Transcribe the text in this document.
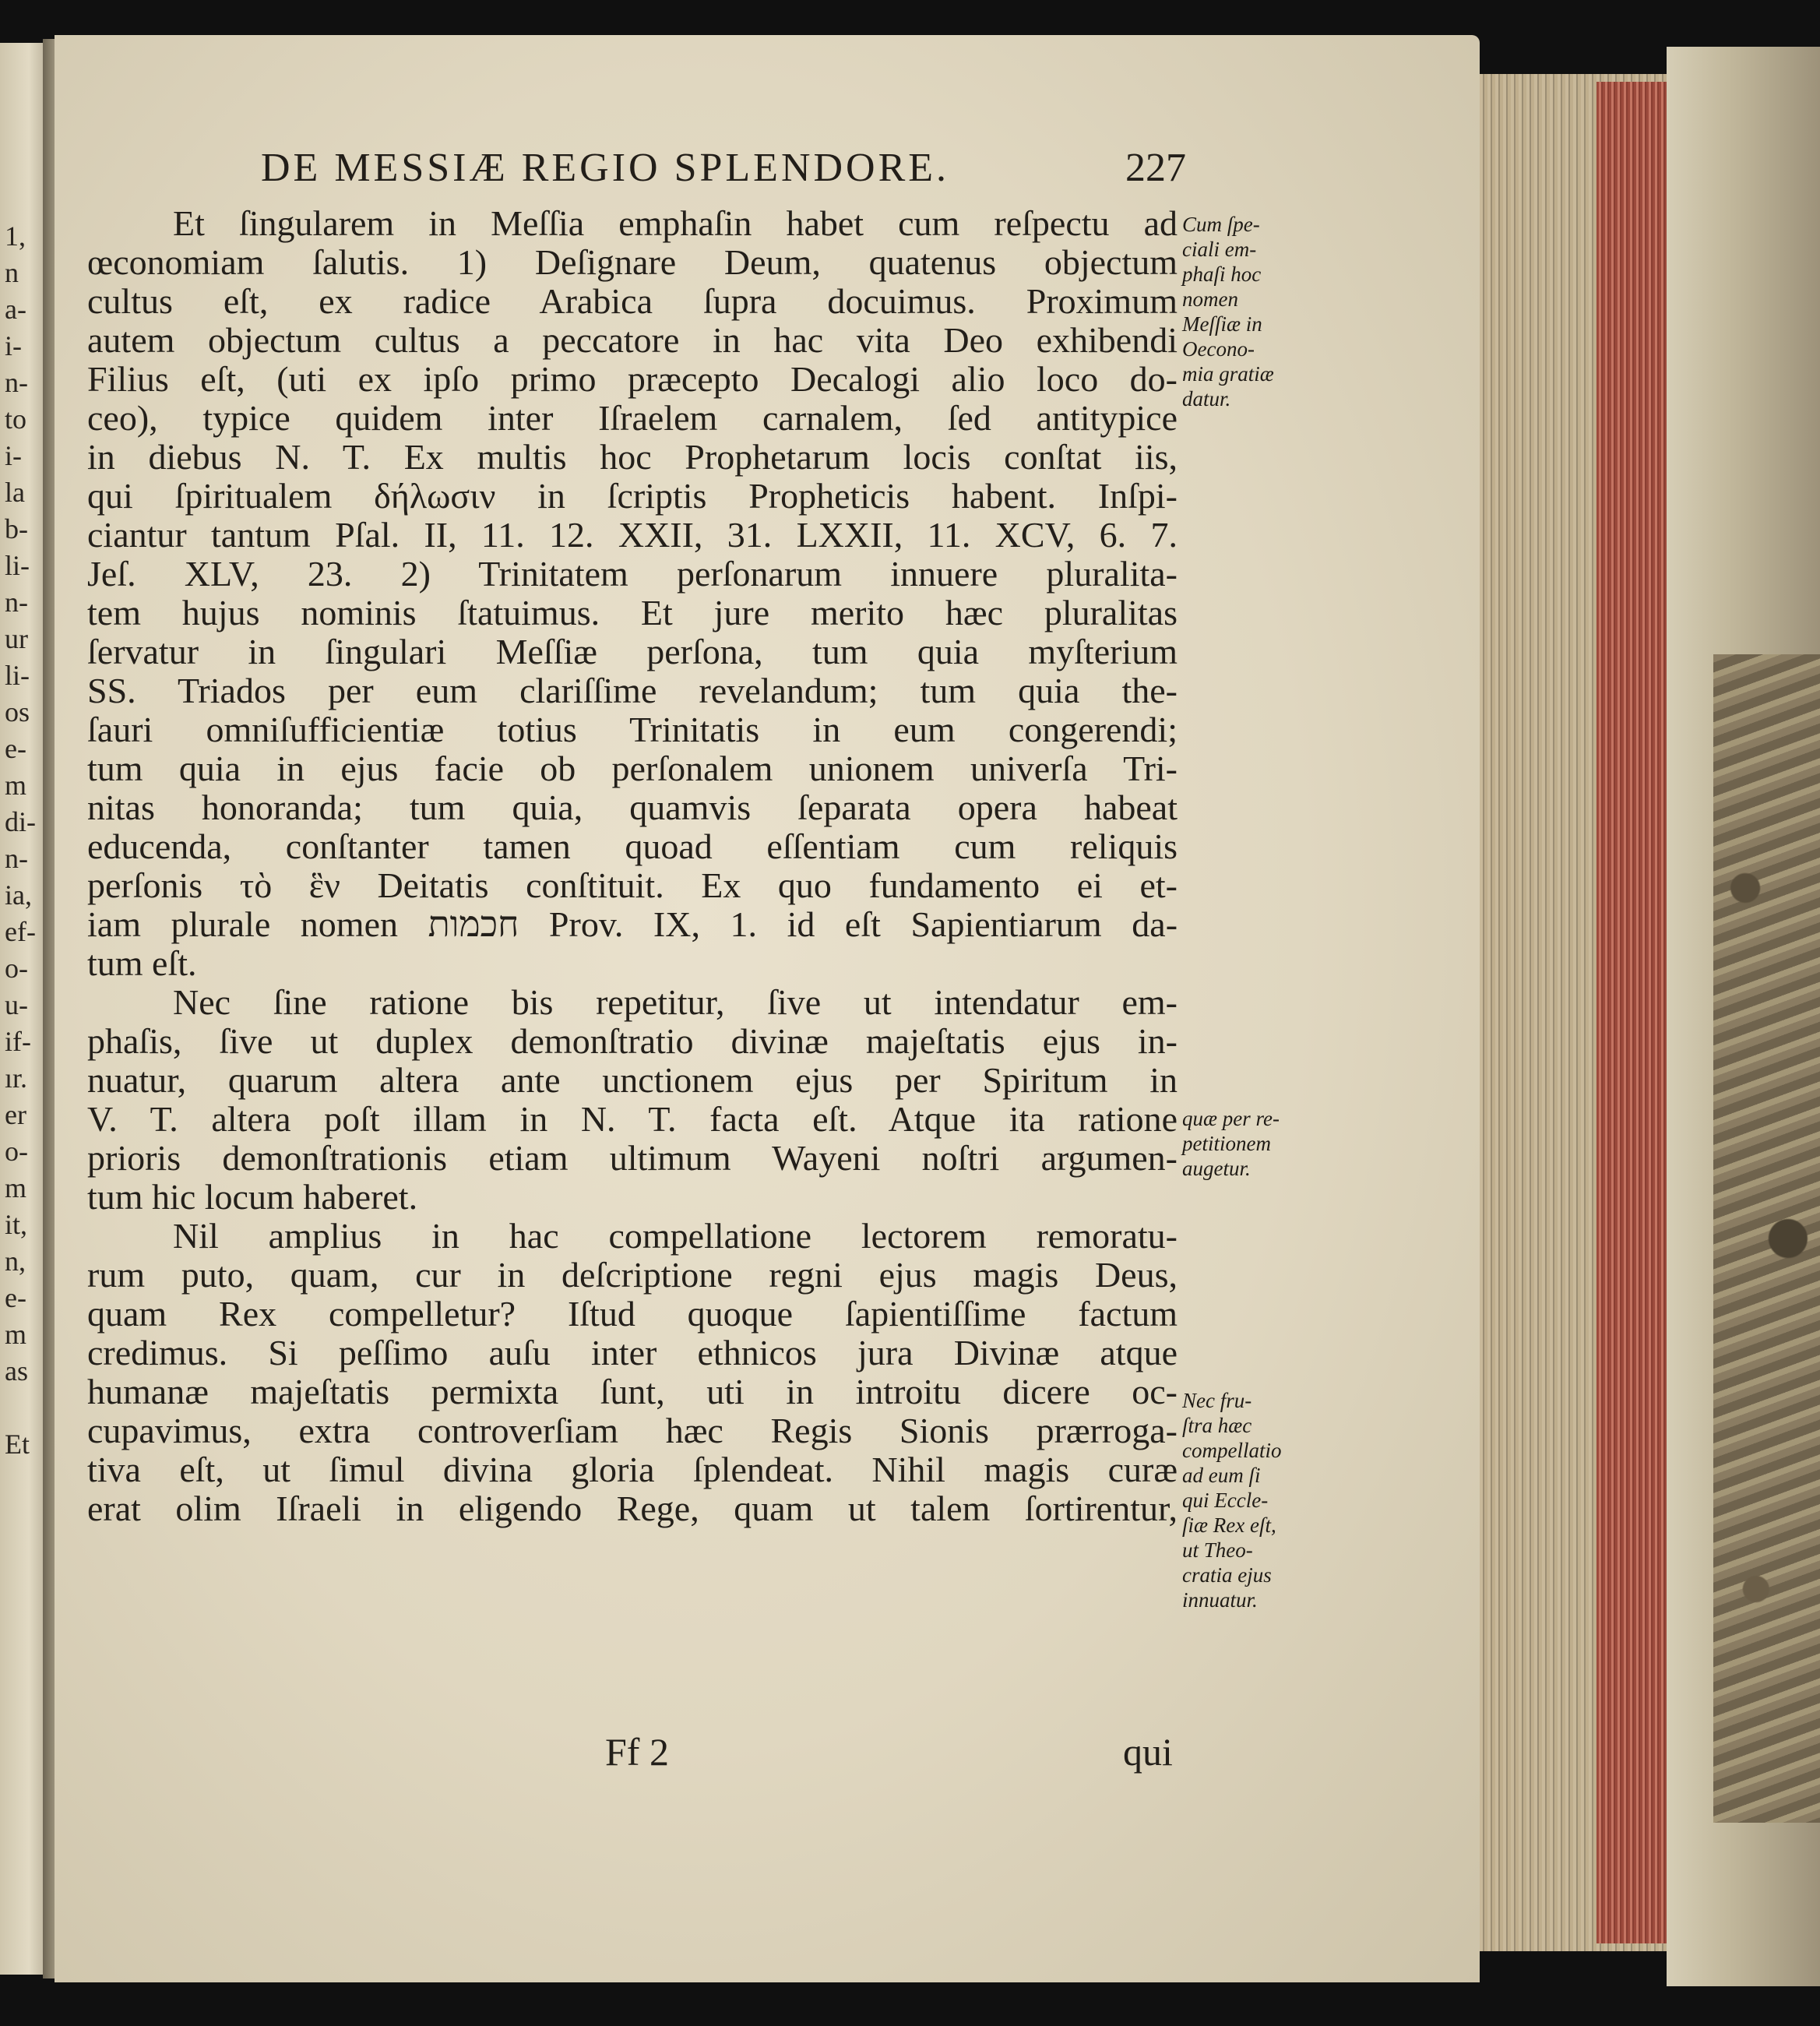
1,
n
a-
i-
n-
to
i-
la
b-
li-
n-
ur
li-
os
e-
m
di-
n-
ia,
ef-
o-
u-
if-
ır.
er
o-
m
it,
n,
e-
m
as
Et
DE MESSIÆ REGIO SPLENDORE.	227
Et ſingularem in Meſſia emphaſin habet cum reſpectu ad
œconomiam ſalutis. 1) Deſignare Deum, quatenus objectum
cultus eſt, ex radice Arabica ſupra docuimus. Proximum
autem objectum cultus a peccatore in hac vita Deo exhibendi
Filius eſt, (uti ex ipſo primo præcepto Decalogi alio loco do-
ceo), typice quidem inter Iſraelem carnalem, ſed antitypice
in diebus N. T. Ex multis hoc Prophetarum locis conſtat iis,
qui ſpiritualem δήλωσιν in ſcriptis Propheticis habent. Inſpi-
ciantur tantum Pſal. II, 11. 12. XXII, 31. LXXII, 11. XCV, 6. 7.
Jeſ. XLV, 23. 2) Trinitatem perſonarum innuere pluralita-
tem hujus nominis ſtatuimus. Et jure merito hæc pluralitas
ſervatur in ſingulari Meſſiæ perſona, tum quia myſterium
SS. Triados per eum clariſſime revelandum; tum quia the-
ſauri omniſufficientiæ totius Trinitatis in eum congerendi;
tum quia in ejus facie ob perſonalem unionem univerſa Tri-
nitas honoranda; tum quia, quamvis ſeparata opera habeat
educenda, conſtanter tamen quoad eſſentiam cum reliquis
perſonis τὸ ἓν Deitatis conſtituit. Ex quo fundamento ei et-
iam plurale nomen חכמות Prov. IX, 1. id eſt Sapientiarum da-
tum eſt.
Nec ſine ratione bis repetitur, ſive ut intendatur em-
phaſis, ſive ut duplex demonſtratio divinæ majeſtatis ejus in-
nuatur, quarum altera ante unctionem ejus per Spiritum in
V. T. altera poſt illam in N. T. facta eſt. Atque ita ratione
prioris demonſtrationis etiam ultimum Wayeni noſtri argumen-
tum hic locum haberet.
Nil amplius in hac compellatione lectorem remoratu-
rum puto, quam, cur in deſcriptione regni ejus magis Deus,
quam Rex compelletur? Iſtud quoque ſapientiſſime factum
credimus. Si peſſimo auſu inter ethnicos jura Divinæ atque
humanæ majeſtatis permixta ſunt, uti in introitu dicere oc-
cupavimus, extra controverſiam hæc Regis Sionis prærroga-
tiva eſt, ut ſimul divina gloria ſplendeat. Nihil magis curæ
erat olim Iſraeli in eligendo Rege, quam ut talem ſortirentur,
Cum ſpe-
ciali em-
phaſi hoc
nomen
Meſſiæ in
Oecono-
mia gratiæ
datur.
quæ per re-
petitionem
augetur.
Nec fru-
ſtra hæc
compellatio
ad eum ſi
qui Eccle-
ſiæ Rex eſt,
ut Theo-
cratia ejus
innuatur.
Ff 2	qui
